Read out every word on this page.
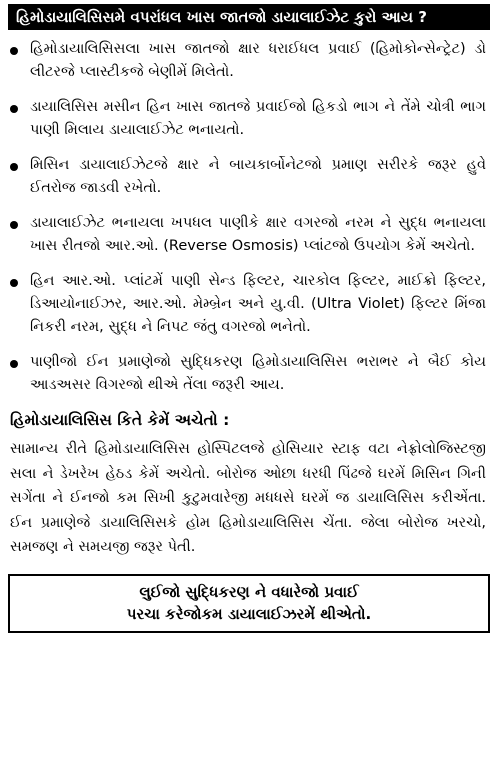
હિમોડાયાલિસિસમે વપરાંધલ ખાસ જાતજો ડાયાલાઈઝેટ કુરો આય ?
હિમોડાયાલિસિસલા ખાસ જાતજો ક્ષાર ધરાઈધલ પ્રવાઈ (હિમોકોન્સેન્ટ્રેટ) ડો લીટરજે પ્લાસ્ટીકજે બેણીમેં મિલેતો.
ડાયાલિસિસ મસીન હિન ખાસ જાતજે પ્રવાઈજો હિકડો ભાગ ને તેંમે ચોત્રી ભાગ પાણી મિલાય ડાયાલાઈઝેટ ભનાયતો.
મિસિન ડાયાલાઈઝેટજે ક્ષાર ને બાયકાર્બોનેટજો પ્રમાણ સરીરકે જરૂર હુવે ઈતરોજ જાડવી રખેતો.
ડાયાલાઈઝેટ ભનાયલા ખપધલ પાણીકે ક્ષાર વગરજો નરમ ને સુદ્ધ ભનાયલા ખાસ રીતજો આર.ઓ. (Reverse Osmosis) પ્લાંટજો ઉપયોગ કેમેં અચેતો.
હિન આર.ઓ. પ્લાંટમેં પાણી સેન્ડ ફિલ્ટર, ચારકોલ ફિલ્ટર, માઈક્રો ફિલ્ટર, ડિઆયોનાઈઝર, આર.ઓ. મેમ્બ્રેન અને યુ.વી. (Ultra Violet) ફિલ્ટર મિંજા નિકરી નરમ, સુદ્ધ ને નિપટ જંતુ વગરજો ભનેતો.
પાણીજો ઈન પ્રમાણેજો સુદ્ધિકરણ હિમોડાયાલિસિસ ભરાભર ને બૈઈ કોય આડઅસર વિગરજો થીએ તેંલા જરૂરી આય.
હિમોડાયાલિસિસ કિતે કેમેં અચેતો :

સામાન્ય રીતે હિમોડાયાલિસિસ હોસ્પિટલજે હોસિયાર સ્ટાફ વટા નેફ્રોલોજિસ્ટજી સલા ને ડેખરેખ હેઠડ કેમેં અચેતો. બોરોજ ઓછા ધરધી પિંઢજે ઘરમેં મિસિન ગિની સગેંતા ને ઈનજો કમ સિખી કુટુમવારેજી મધધસે ઘરમેં જ ડાયાલિસિસ કરીએંતા. ઈન પ્રમાણેજે ડાયાલિસિસકે હોમ હિમોડાયાલિસિસ ચેંતા. જેલા બોરોજ ખરચો, સમજણ ને સમયજી જરૂર પેતી.

લુઈજો સુદ્ધિકરણ ને વધારેજો પ્રવાઈ
પરચા કરેજોકમ ડાયાલાઈઝરમેં થીએતો.
